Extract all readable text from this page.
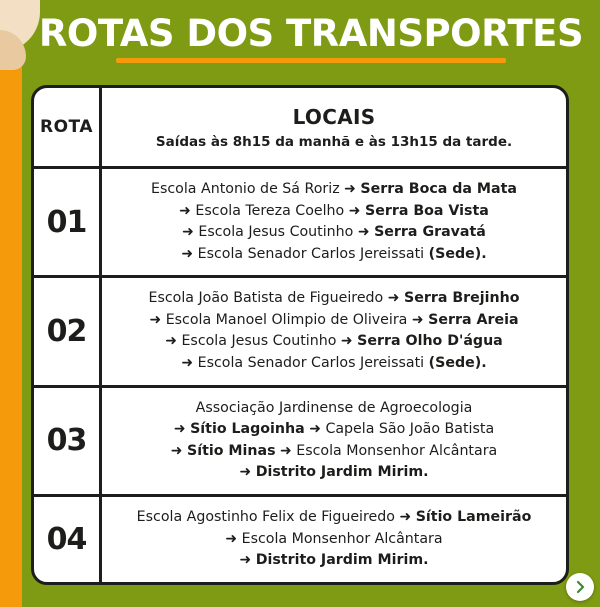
ROTAS DOS TRANSPORTES
ROTA	LOCAIS
Saídas às 8h15 da manhã e às 13h15 da tarde.
01
Escola Antonio de Sá Roriz ➜ Serra Boca da Mata
➜ Escola Tereza Coelho ➜ Serra Boa Vista
➜ Escola Jesus Coutinho ➜ Serra Gravatá
➜ Escola Senador Carlos Jereissati (Sede).
02
Escola João Batista de Figueiredo ➜ Serra Brejinho
➜ Escola Manoel Olimpio de Oliveira ➜ Serra Areia
➜ Escola Jesus Coutinho ➜ Serra Olho D'água
➜ Escola Senador Carlos Jereissati (Sede).
03
Associação Jardinense de Agroecologia
➜ Sítio Lagoinha ➜ Capela São João Batista
➜ Sítio Minas ➜ Escola Monsenhor Alcântara
➜ Distrito Jardim Mirim.
04
Escola Agostinho Felix de Figueiredo ➜ Sítio Lameirão
➜ Escola Monsenhor Alcântara
➜ Distrito Jardim Mirim.
